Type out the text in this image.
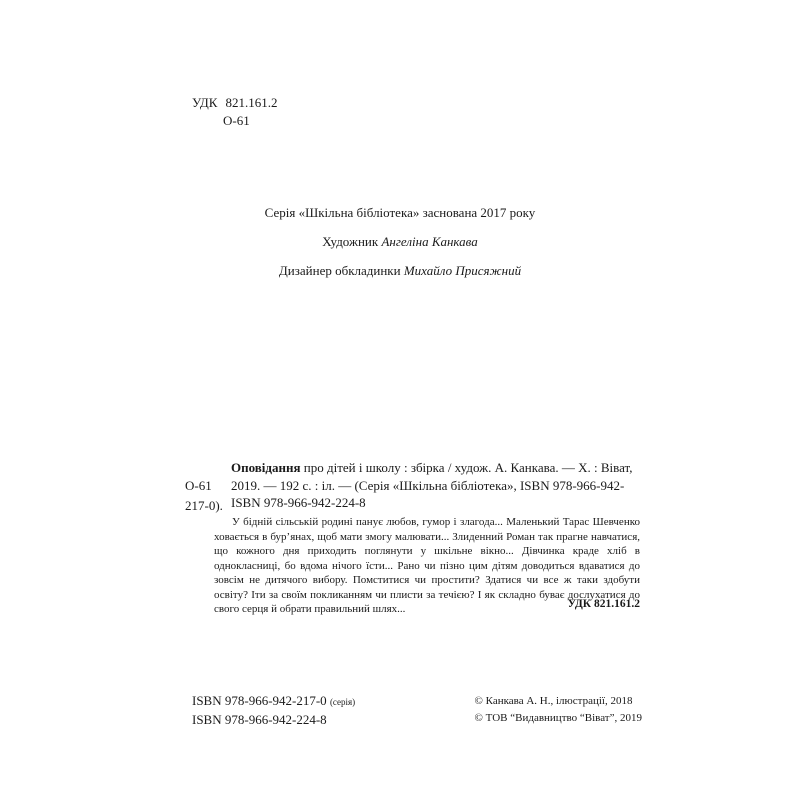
УДК 821.161.2
О-61
Серія «Шкільна бібліотека» заснована 2017 року
Художник Ангеліна Канкава
Дизайнер обкладинки Михайло Присяжний
Оповідання про дітей і школу : збірка / худож. А. Канкава. — Х. : Віват,
О-61 2019. — 192 с. : іл. — (Серія «Шкільна бібліотека», ISBN 978-966-942-217-0). ISBN 978-966-942-224-8
У бідній сільській родині панує любов, гумор і злагода... Маленький Тарас Шевченко ховається в бур’янах, щоб мати змогу малювати... Злиденний Роман так прагне навчатися, що кожного дня приходить поглянути у шкільне вікно... Дівчинка краде хліб в однокласниці, бо вдома нічого їсти... Рано чи пізно цим дітям доводиться вдаватися до зовсім не дитячого вибору. Помститися чи простити? Здатися чи все ж таки здобути освіту? Іти за своїм покликанням чи плисти за течією? І як складно буває дослухатися до свого серця й обрати правильний шлях...	УДК 821.161.2
ISBN 978-966-942-217-0 (серія)
ISBN 978-966-942-224-8
© Канкава А. Н., ілюстрації, 2018
© ТОВ “Видавництво “Віват”, 2019
